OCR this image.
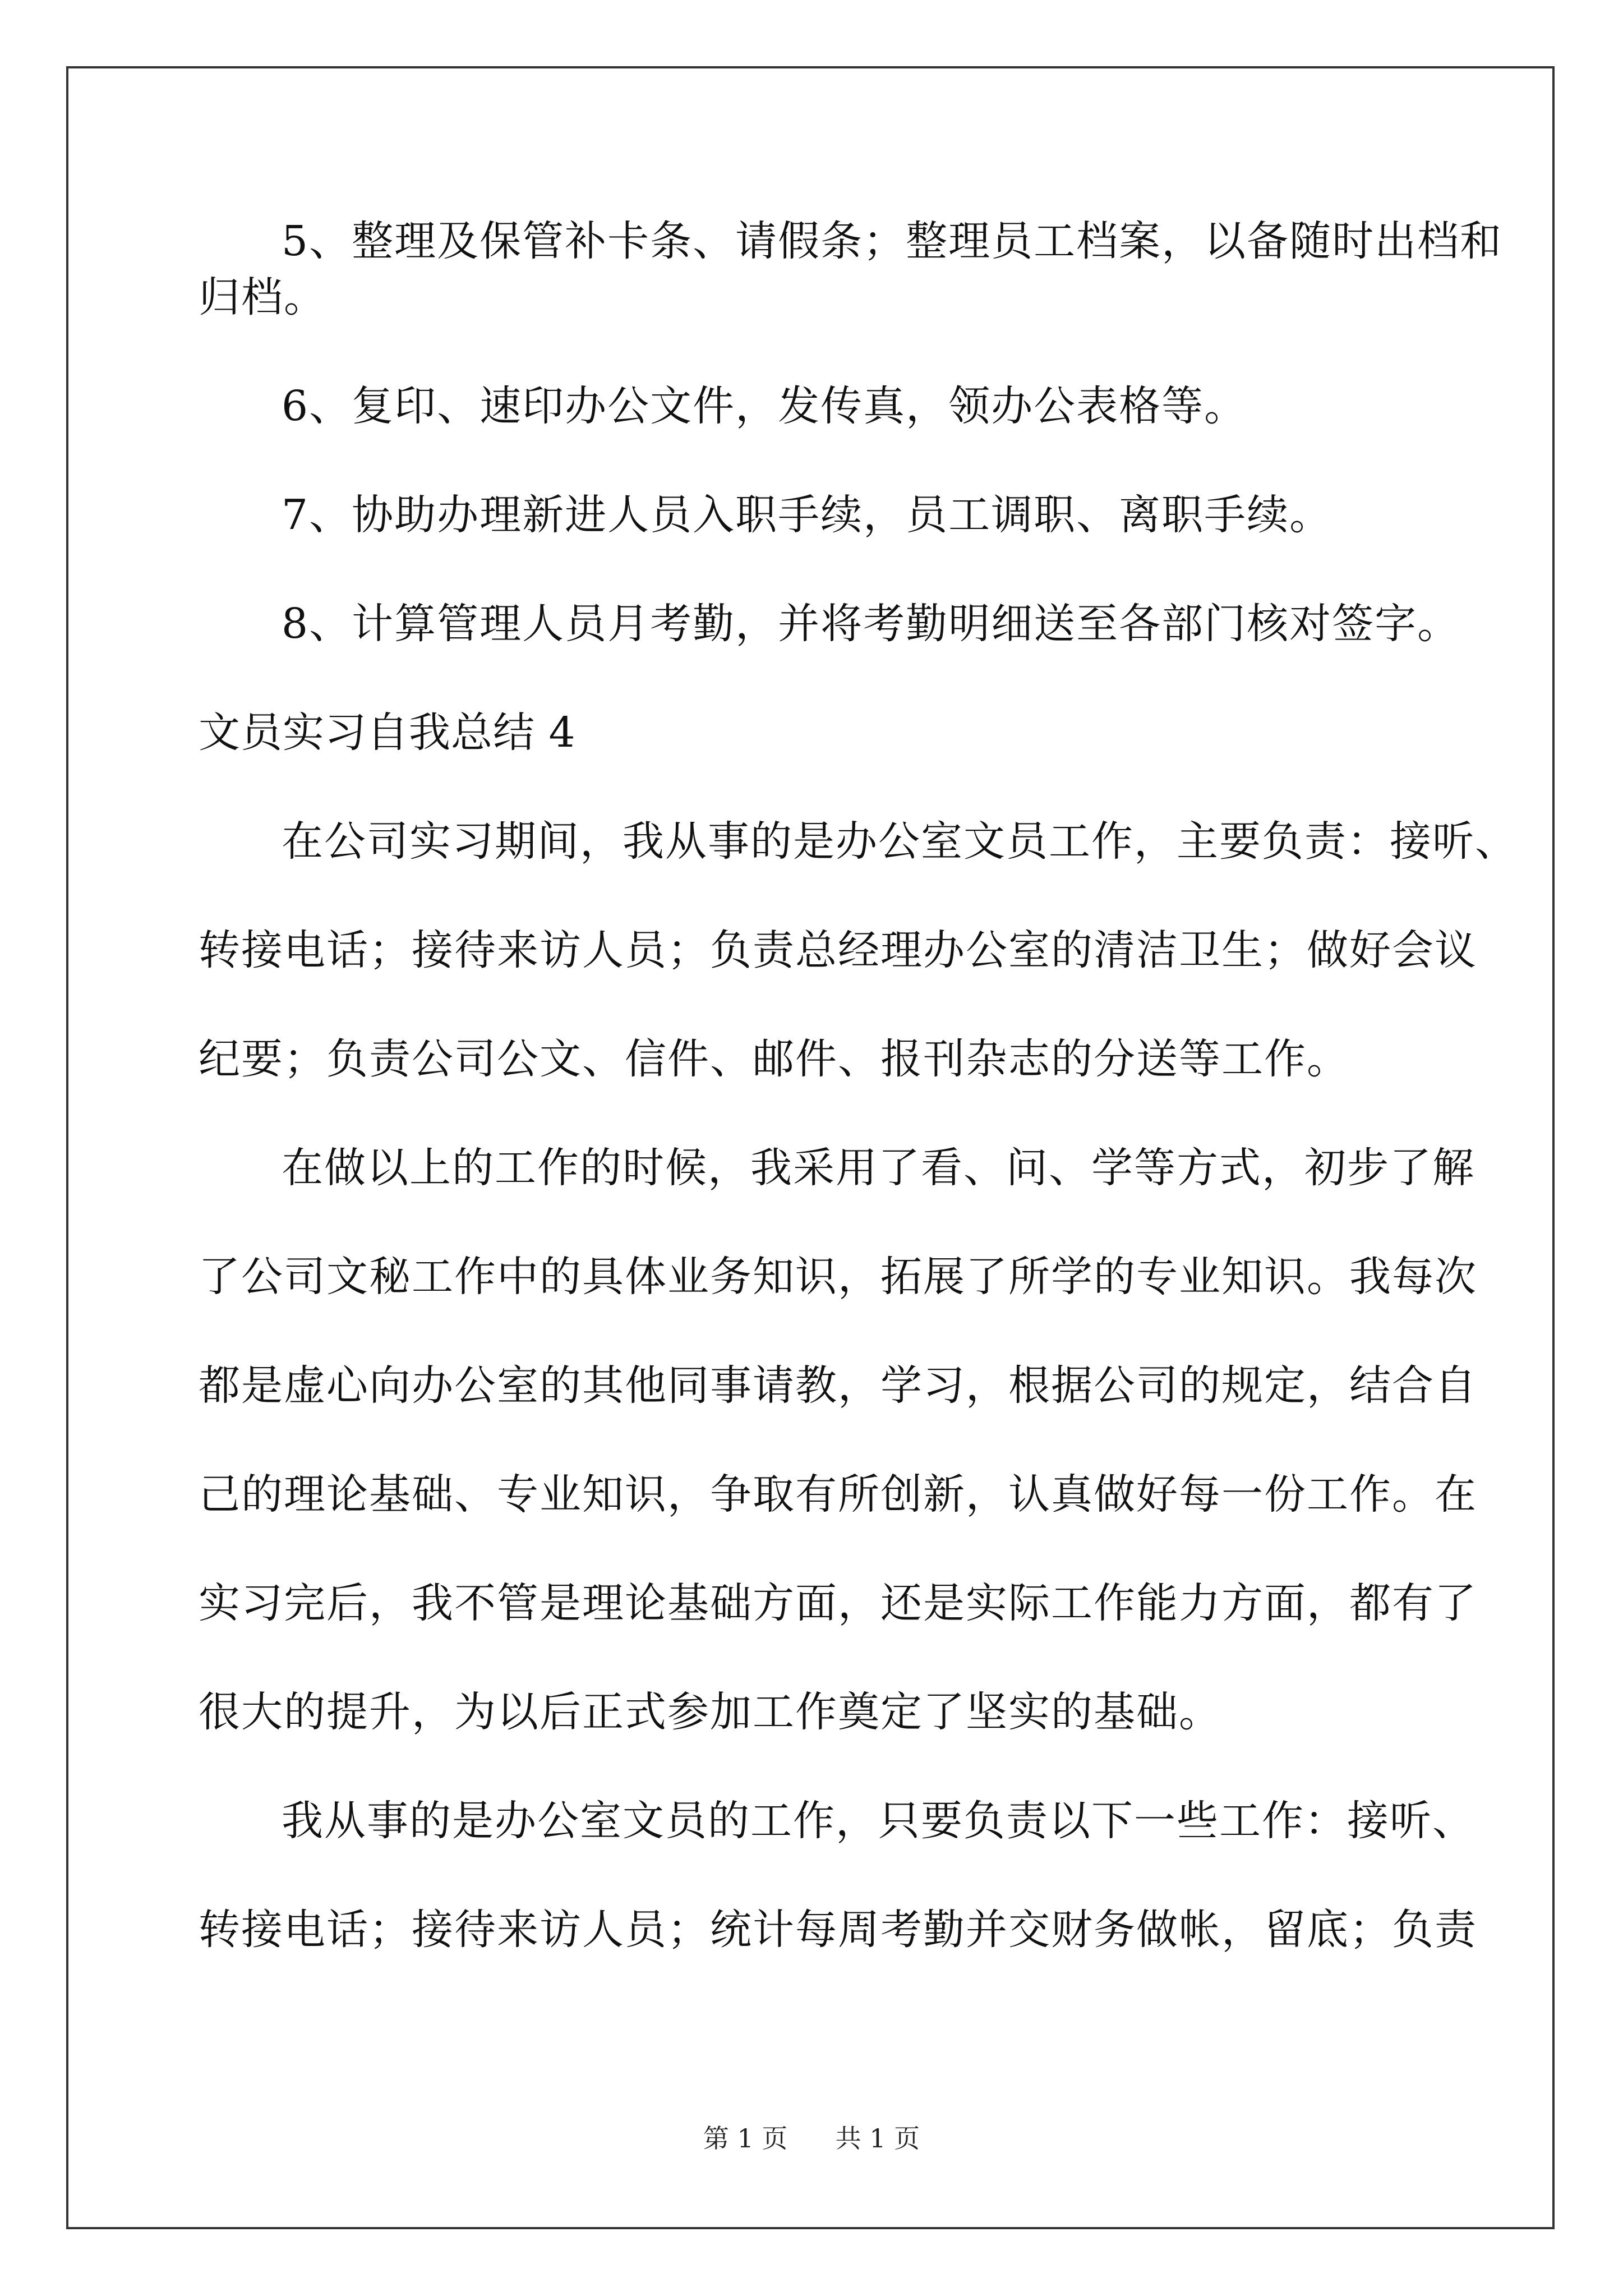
5、整理及保管补卡条、请假条；整理员工档案，以备随时出档和

归档。

6、复印、速印办公文件，发传真，领办公表格等。

7、协助办理新进人员入职手续，员工调职、离职手续。

8、计算管理人员月考勤，并将考勤明细送至各部门核对签字。

文员实习自我总结 4

在公司实习期间，我从事的是办公室文员工作，主要负责：接听、

转接电话；接待来访人员；负责总经理办公室的清洁卫生；做好会议

纪要；负责公司公文、信件、邮件、报刊杂志的分送等工作。

在做以上的工作的时候，我采用了看、问、学等方式，初步了解

了公司文秘工作中的具体业务知识，拓展了所学的专业知识。我每次

都是虚心向办公室的其他同事请教，学习，根据公司的规定，结合自

己的理论基础、专业知识，争取有所创新，认真做好每一份工作。在

实习完后，我不管是理论基础方面，还是实际工作能力方面，都有了

很大的提升，为以后正式参加工作奠定了坚实的基础。

我从事的是办公室文员的工作，只要负责以下一些工作：接听、

转接电话；接待来访人员；统计每周考勤并交财务做帐，留底；负责

第 1 页 共 1 页
